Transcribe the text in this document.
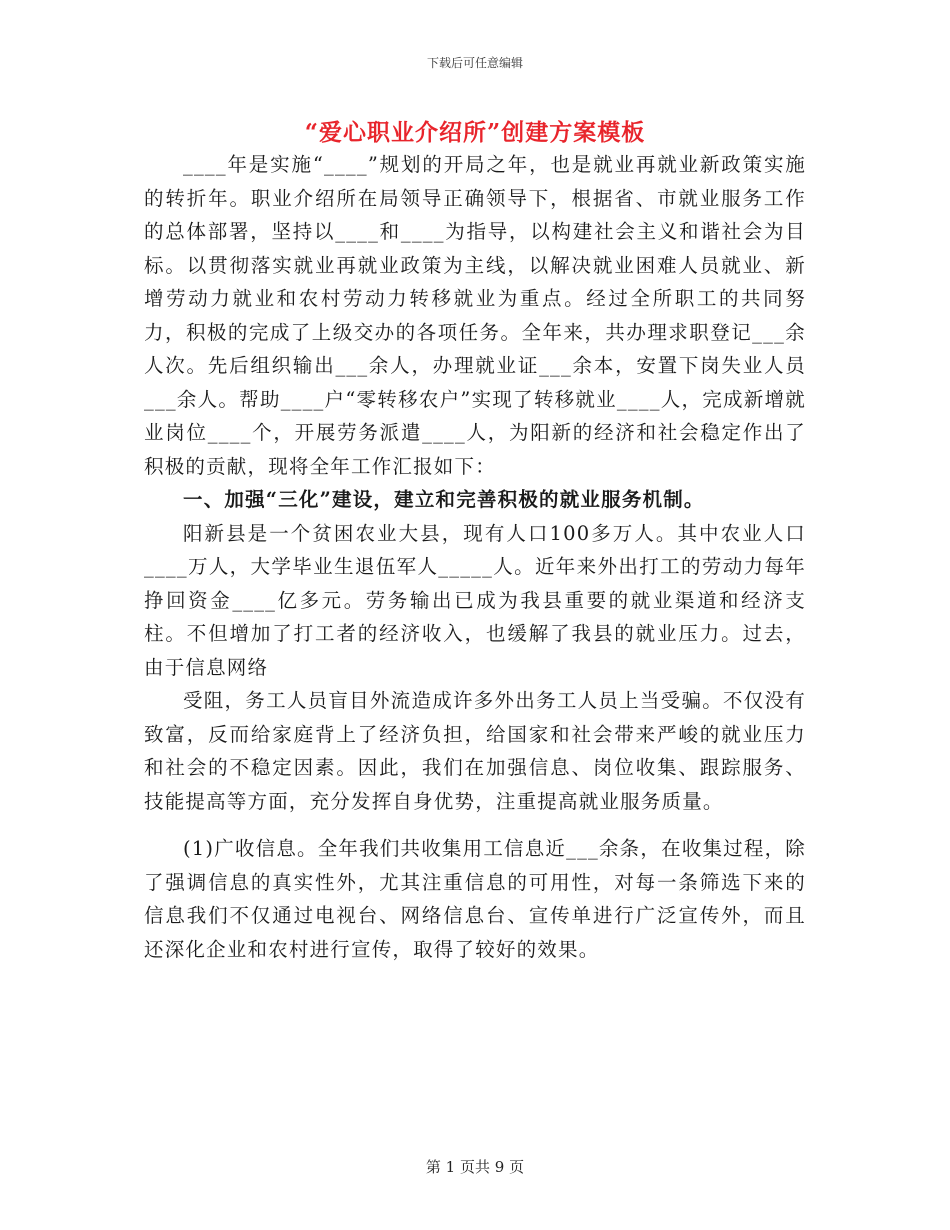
下载后可任意编辑
“爱心职业介绍所”创建方案模板

____年是实施“____”规划的开局之年，也是就业再就业新政策实施的转折年。职业介绍所在局领导正确领导下，根据省、市就业服务工作的总体部署，坚持以____和____为指导，以构建社会主义和谐社会为目标。以贯彻落实就业再就业政策为主线，以解决就业困难人员就业、新增劳动力就业和农村劳动力转移就业为重点。经过全所职工的共同努力，积极的完成了上级交办的各项任务。全年来，共办理求职登记___余人次。先后组织输出___余人，办理就业证___余本，安置下岗失业人员___余人。帮助____户“零转移农户”实现了转移就业____人，完成新增就业岗位____个，开展劳务派遣____人，为阳新的经济和社会稳定作出了积极的贡献，现将全年工作汇报如下：

一、加强“三化”建设，建立和完善积极的就业服务机制。

阳新县是一个贫困农业大县，现有人口100多万人。其中农业人口____万人，大学毕业生退伍军人_____人。近年来外出打工的劳动力每年挣回资金____亿多元。劳务输出已成为我县重要的就业渠道和经济支柱。不但增加了打工者的经济收入，也缓解了我县的就业压力。过去，由于信息网络

受阻，务工人员盲目外流造成许多外出务工人员上当受骗。不仅没有致富，反而给家庭背上了经济负担，给国家和社会带来严峻的就业压力和社会的不稳定因素。因此，我们在加强信息、岗位收集、跟踪服务、技能提高等方面，充分发挥自身优势，注重提高就业服务质量。

(1)广收信息。全年我们共收集用工信息近___余条，在收集过程，除了强调信息的真实性外，尤其注重信息的可用性，对每一条筛选下来的信息我们不仅通过电视台、网络信息台、宣传单进行广泛宣传外，而且还深化企业和农村进行宣传，取得了较好的效果。

第 1 页共 9 页
